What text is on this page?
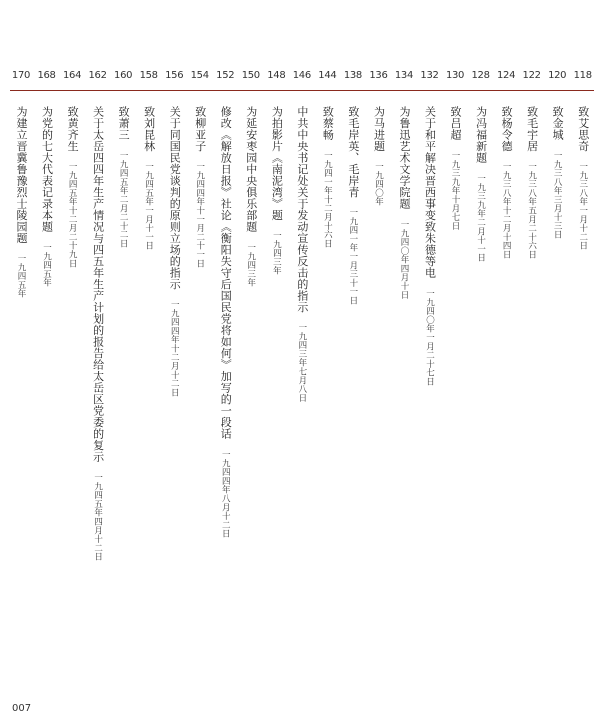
118
致艾思奇一九三八年一月十二日
120
致金城一九三八年三月十三日
122
致毛宇居一九三八年五月二十六日
124
致杨令德一九三八年十二月十四日
128
为冯福新题一九三九年二月十一日
130
致吕超一九三九年十月七日
132
关于和平解决晋西事变致朱德等电一九四〇年一月二十七日
134
为鲁迅艺术文学院题一九四〇年四月十日
136
为马进题一九四〇年
138
致毛岸英、毛岸青一九四一年一月三十一日
144
致蔡畅一九四一年十二月十六日
146
中共中央书记处关于发动宣传反击的指示一九四三年七月八日
148
为拍影片《南泥湾》题一九四三年
150
为延安枣园中央俱乐部题一九四三年
152
修改《解放日报》社论《衡阳失守后国民党将如何》加写的一段话一九四四年八月十二日
154
致柳亚子一九四四年十一月二十一日
156
关于同国民党谈判的原则立场的指示一九四四年十二月十二日
158
致刘昆林一九四五年一月十一日
160
致萧三一九四五年二月二十二日
162
关于太岳四四年生产情况与四五年生产计划的报告给太岳区党委的复示一九四五年四月十二日
164
致黄齐生一九四五年十二月二十九日
168
为党的七大代表记录本题一九四五年
170
为建立晋冀鲁豫烈士陵园题一九四五年
007
